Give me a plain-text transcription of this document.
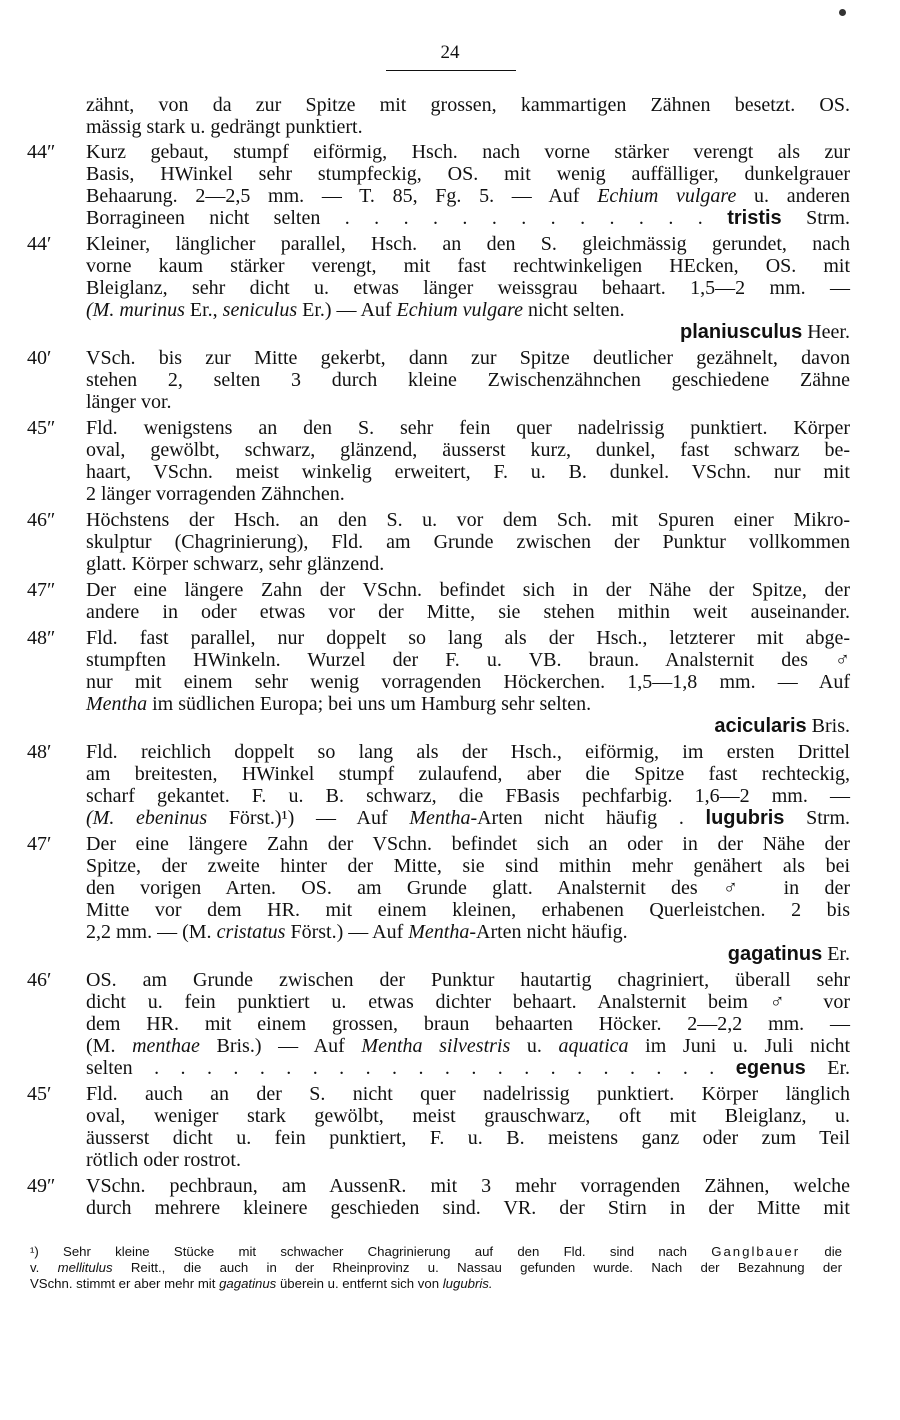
24
zähnt, von da zur Spitze mit grossen, kammartigen Zähnen besetzt. OS.
mässig stark u. gedrängt punktiert.
44″	Kurz gebaut, stumpf eiförmig, Hsch. nach vorne stärker verengt als zur
Basis, HWinkel sehr stumpfeckig, OS. mit wenig auffälliger, dunkelgrauer
Behaarung. 2—2,5 mm. — T. 85, Fg. 5. — Auf Echium vulgare u. anderen
Borragineen nicht selten . . . . . . . . . . . . . tristis Strm.
44′	Kleiner, länglicher parallel, Hsch. an den S. gleichmässig gerundet, nach
vorne kaum stärker verengt, mit fast rechtwinkeligen HEcken, OS. mit
Bleiglanz, sehr dicht u. etwas länger weissgrau behaart. 1,5—2 mm. —
(M. murinus Er., seniculus Er.) — Auf Echium vulgare nicht selten.
planiusculus Heer.
40′	VSch. bis zur Mitte gekerbt, dann zur Spitze deutlicher gezähnelt, davon
stehen 2, selten 3 durch kleine Zwischenzähnchen geschiedene Zähne
länger vor.
45″	Fld. wenigstens an den S. sehr fein quer nadelrissig punktiert. Körper
oval, gewölbt, schwarz, glänzend, äusserst kurz, dunkel, fast schwarz be-
haart, VSchn. meist winkelig erweitert, F. u. B. dunkel. VSchn. nur mit
2 länger vorragenden Zähnchen.
46″	Höchstens der Hsch. an den S. u. vor dem Sch. mit Spuren einer Mikro-
skulptur (Chagrinierung), Fld. am Grunde zwischen der Punktur vollkommen
glatt. Körper schwarz, sehr glänzend.
47″	Der eine längere Zahn der VSchn. befindet sich in der Nähe der Spitze, der
andere in oder etwas vor der Mitte, sie stehen mithin weit auseinander.
48″	Fld. fast parallel, nur doppelt so lang als der Hsch., letzterer mit abge-
stumpften HWinkeln. Wurzel der F. u. VB. braun. Analsternit des ♂
nur mit einem sehr wenig vorragenden Höckerchen. 1,5—1,8 mm. — Auf
Mentha im südlichen Europa; bei uns um Hamburg sehr selten.
acicularis Bris.
48′	Fld. reichlich doppelt so lang als der Hsch., eiförmig, im ersten Drittel
am breitesten, HWinkel stumpf zulaufend, aber die Spitze fast rechteckig,
scharf gekantet. F. u. B. schwarz, die FBasis pechfarbig. 1,6—2 mm. —
(M. ebeninus Först.)¹) — Auf Mentha-Arten nicht häufig . lugubris Strm.
47′	Der eine längere Zahn der VSchn. befindet sich an oder in der Nähe der
Spitze, der zweite hinter der Mitte, sie sind mithin mehr genähert als bei
den vorigen Arten. OS. am Grunde glatt. Analsternit des ♂ in der
Mitte vor dem HR. mit einem kleinen, erhabenen Querleistchen. 2 bis
2,2 mm. — (M. cristatus Först.) — Auf Mentha-Arten nicht häufig.
gagatinus Er.
46′	OS. am Grunde zwischen der Punktur hautartig chagriniert, überall sehr
dicht u. fein punktiert u. etwas dichter behaart. Analsternit beim ♂ vor
dem HR. mit einem grossen, braun behaarten Höcker. 2—2,2 mm. —
(M. menthae Bris.) — Auf Mentha silvestris u. aquatica im Juni u. Juli nicht
selten . . . . . . . . . . . . . . . . . . . . . . egenus Er.
45′	Fld. auch an der S. nicht quer nadelrissig punktiert. Körper länglich
oval, weniger stark gewölbt, meist grauschwarz, oft mit Bleiglanz, u.
äusserst dicht u. fein punktiert, F. u. B. meistens ganz oder zum Teil
rötlich oder rostrot.
49″	VSchn. pechbraun, am AussenR. mit 3 mehr vorragenden Zähnen, welche
durch mehrere kleinere geschieden sind. VR. der Stirn in der Mitte mit
¹) Sehr kleine Stücke mit schwacher Chagrinierung auf den Fld. sind nach Ganglbauer die
v. mellitulus Reitt., die auch in der Rheinprovinz u. Nassau gefunden wurde. Nach der Bezahnung der
VSchn. stimmt er aber mehr mit gagatinus überein u. entfernt sich von lugubris.
